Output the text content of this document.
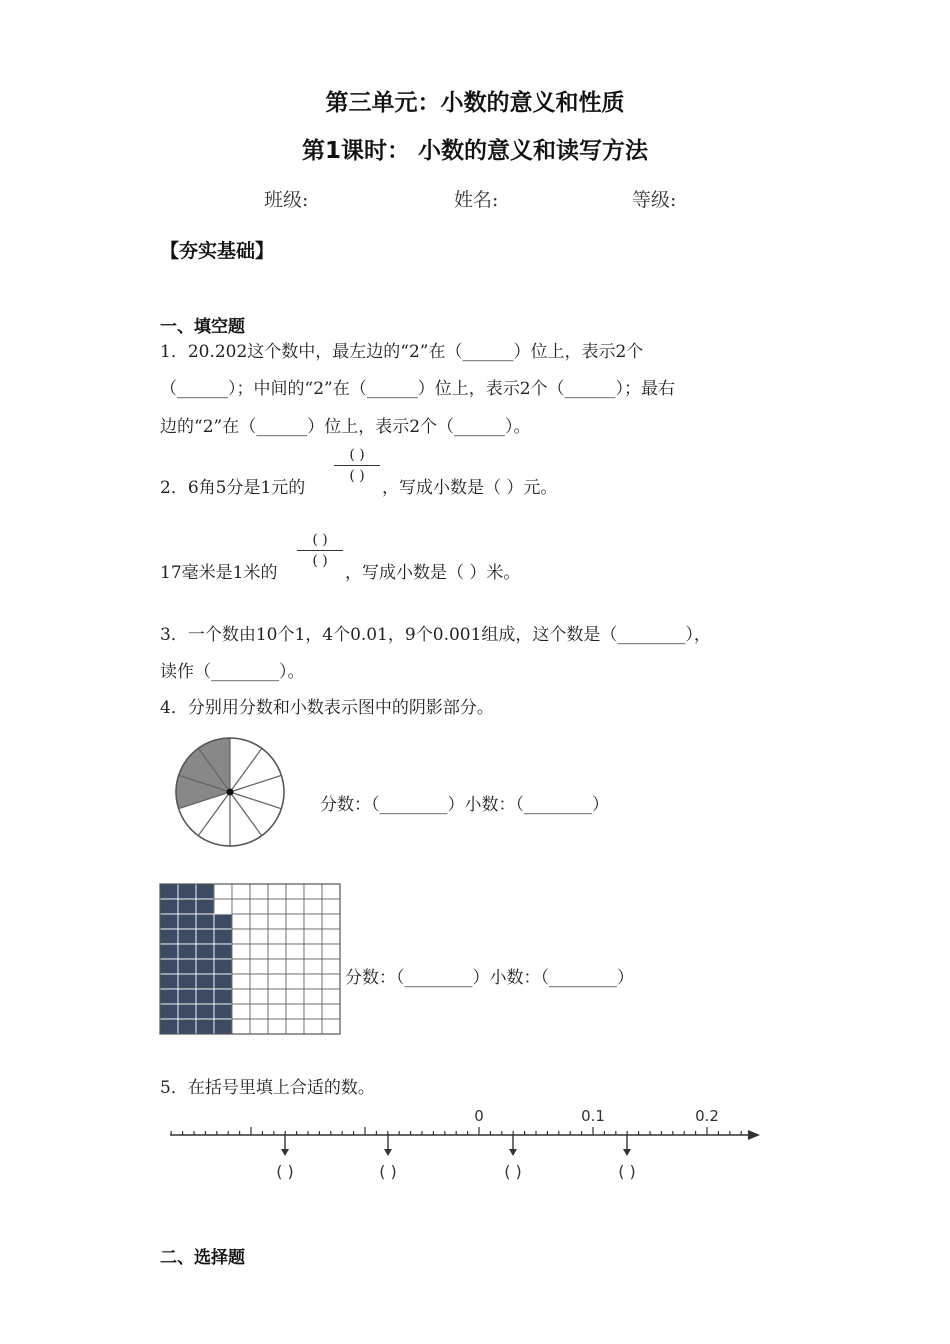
第三单元：小数的意义和性质
第1课时： 小数的意义和读写方法
班级:	姓名:	等级:
【夯实基础】
一、填空题
1．20.202这个数中，最左边的“2”在（______）位上，表示2个
（______）；中间的“2”在（______）位上，表示2个（______）；最右
边的“2”在（______）位上，表示2个（______）。
2．6角5分是1元的
( )
( )
，写成小数是（ ）元。
17毫米是1米的
( )
( )
，写成小数是（ ）米。
3．一个数由10个1，4个0.01，9个0.001组成，这个数是（________），
读作（________）。
4．分别用分数和小数表示图中的阴影部分。
分数：（________）小数：（________）
分数：（________）小数：（________）
5．在括号里填上合适的数。
0	0.1	0.2
( )	( )	( )	( )
二、选择题
